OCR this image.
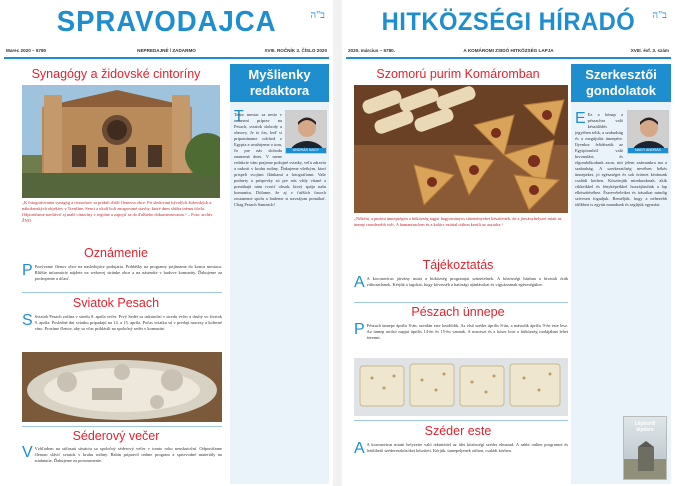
SPRAVODAJCA	ב"ה
Marec 2020 – 5780	NEPREDAJNÉ / ZADARMO	XVIII. ROČNÍK 3. ČÍSLO 2020
Synagógy a židovské cintoríny
„K fotografovaniu synagóg a cintorínov sa pridali ďalší členovia obce. Pri sledovaní bývalých židovských a náboženských objektov v Trenčíne, Senci a okolí boli zmapované stavby, ktoré dnes slúžia inému účelu. Odporúčame navštíviť aj malé cintoríny v regióne a zapojiť sa do ďalšieho dokumentovania.“ – Foto: archív ŽNO
Oznámenie
P Pozývame členov obce na nasledujúce podujatia. Prihlášky na programy prijímame do konca mesiaca. Bližšie informácie nájdete na webovej stránke obce a na nástenke v budove komunity. Ďakujeme za pochopenie a účasť.
Sviatok Pesach
S Sviatok Pesach začína v stredu 8. apríla večer. Prvý Sedér sa uskutoční v stredu večer a druhý vo štvrtok 9. apríla. Posledné dni sviatku pripadajú na 14. a 15. apríla. Počas sviatku sú v predaji macesy a košerné víno. Prosíme členov, aby sa včas prihlásili na spoločný sedér v komunite.
Séderový večer
V Vzhľadom na súčasnú situáciu sa spoločný séderový večer v tomto roku neuskutoční. Odporúčame členom sláviť sviatok v kruhu rodiny. Rabín pripravil online program a sprievodné materiály na stiahnutie. Ďakujeme za porozumenie.
Myšlienky redaktora
ANDRÁS NAGY
T
Tento mesiac sa nesie v znamení príprav na Pesach, sviatok slobody a obnovy. Je to čas, keď si pripomíname odchod z Egypta a uvažujeme o tom, čo pre nás sloboda znamená dnes. V mene redakcie vám prajeme pokojné sviatky, veľa zdravia a radosti v kruhu rodiny. Ďakujeme všetkým, ktorí prispeli svojimi článkami a fotografiami. Vaše podnety a príspevky sú pre nás vždy vítané a pomáhajú nám tvoriť obsah, ktorý spája našu komunitu. Dúfame, že aj v ťažších časoch zostaneme spolu a budeme si navzájom pomáhať. Chag Pesach Sameach!
HITKÖZSÉGI HÍRADÓ	ב"ה
2020. március – 5780.	A KOMÁROMI ZSIDÓ HITKÖZSÉG LAPJA	XVIII. évf. 3. szám
Szomorú purim Komáromban
„Nőként, a purimi ünnepségen a hitközség tagjai hagyományos süteményeket készítettek, de a járványhelyzet miatt az ünnep csendesebb volt. A hamantaschen és a kalács ezúttal otthon került az asztalra.“
Tájékoztatás
A A koronavírus járvány miatt a hitközség programjai szünetelnek. A közösségi házban a hivatali órák változatlanok. Kérjük a tagokat, hogy kövessék a hatósági ajánlásokat és vigyázzanak egészségükre.
Pészach ünnepe
P Pészach ünnepe április 8-án, szerdán este kezdődik. Az első széder április 8-án, a második április 9-én este lesz. Az ünnep utolsó napjai április 14-én és 15-én vannak. A maceszt és a kóser bort a hitközség irodájában lehet átvenni.
Széder este
A A koronavírus miatti helyzetre való tekintettel az idei közösségi széder elmarad. A rabbi online programot és letölthető szédereszközöket készített. Kérjük, ünnepeljenek otthon, családi körben.
Szerkesztői gondolatok
NAGY ANDRÁS
E Ez a hónap a pészachra való készülődés jegyében telik, a szabadság és a megújulás ünnepére. Ilyenkor felidézzük az Egyiptomból való kivonulást, és elgondolkodunk azon, mit jelent számunkra ma a szabadság. A szerkesztőség nevében békés ünnepeket, jó egészséget és sok örömet kívánunk családi körben. Köszönjük mindazoknak, akik cikkeikkel és fényképeikkel hozzájárultak a lap elkészítéséhez. Észrevételeiket és írásaikat mindig szívesen fogadjuk. Reméljük, hogy a nehezebb időkben is együtt maradunk és segítjük egymást.
Lépésről lépésre
